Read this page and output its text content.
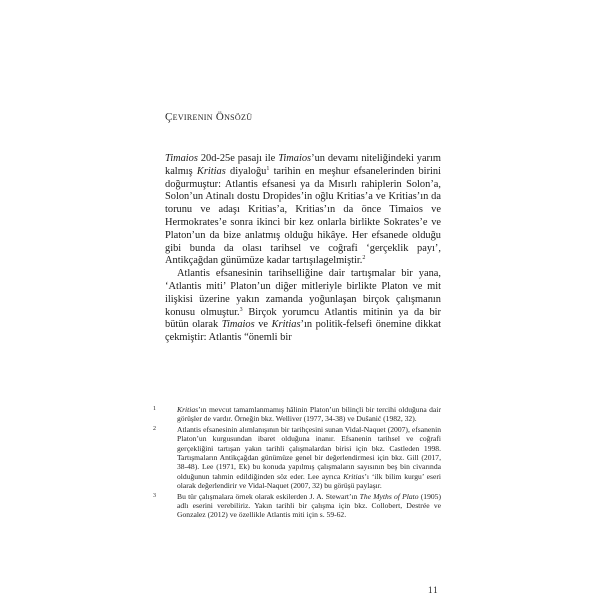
Çevirenin Önsözü

Timaios 20d-25e pasajı ile Timaios’un devamı niteliğindeki yarım kalmış Kritias diyaloğu$^1$ tarihin en meşhur efsanelerinden birini doğurmuştur: Atlantis efsanesi ya da Mısırlı rahiplerin Solon’a, Solon’un Atinalı dostu Dropides’in oğlu Kritias’a ve Kritias’ın da torunu ve adaşı Kritias’a, Kritias’ın da önce Timaios ve Hermokrates’e sonra ikinci bir kez onlarla birlikte Sokrates’e ve Platon’un da bize anlatmış olduğu hikâye. Her efsanede olduğu gibi bunda da olası tarihsel ve coğrafi ‘gerçeklik payı’, Antikçağdan günümüze kadar tartışılagelmiştir.$^2$

Atlantis efsanesinin tarihselliğine dair tartışmalar bir yana, ‘Atlantis miti’ Platon’un diğer mitleriyle birlikte Platon ve mit ilişkisi üzerine yakın zamanda yoğunlaşan birçok çalışmanın konusu olmuştur.$^3$ Birçok yorumcu Atlantis mitinin ya da bir bütün olarak Timaios ve Kritias’ın politik-felsefi önemine dikkat çekmiştir: Atlantis “önemli bir

1	Kritias’ın mevcut tamamlanmamış hâlinin Platon’un bilinçli bir tercihi olduğuna dair görüşler de vardır. Örneğin bkz. Welliver (1977, 34-38) ve Dušanić (1982, 32).

2	Atlantis efsanesinin alımlanışının bir tarihçesini sunan Vidal-Naquet (2007), efsanenin Platon’un kurgusundan ibaret olduğuna inanır. Efsanenin tarihsel ve coğrafi gerçekliğini tartışan yakın tarihli çalışmalardan birisi için bkz. Castleden 1998. Tartışmaların Antikçağdan günümüze genel bir değerlendirmesi için bkz. Gill (2017, 38-48). Lee (1971, Ek) bu konuda yapılmış çalışmaların sayısının beş bin civarında olduğunun tahmin edildiğinden söz eder. Lee ayrıca Kritias’ı ‘ilk bilim kurgu’ eseri olarak değerlendirir ve Vidal-Naquet (2007, 32) bu görüşü paylaşır.

3	Bu tür çalışmalara örnek olarak eskilerden J. A. Stewart’ın The Myths of Plato (1905) adlı eserini verebiliriz. Yakın tarihli bir çalışma için bkz. Collobert, Destrée ve Gonzalez (2012) ve özellikle Atlantis miti için s. 59-62.

11
